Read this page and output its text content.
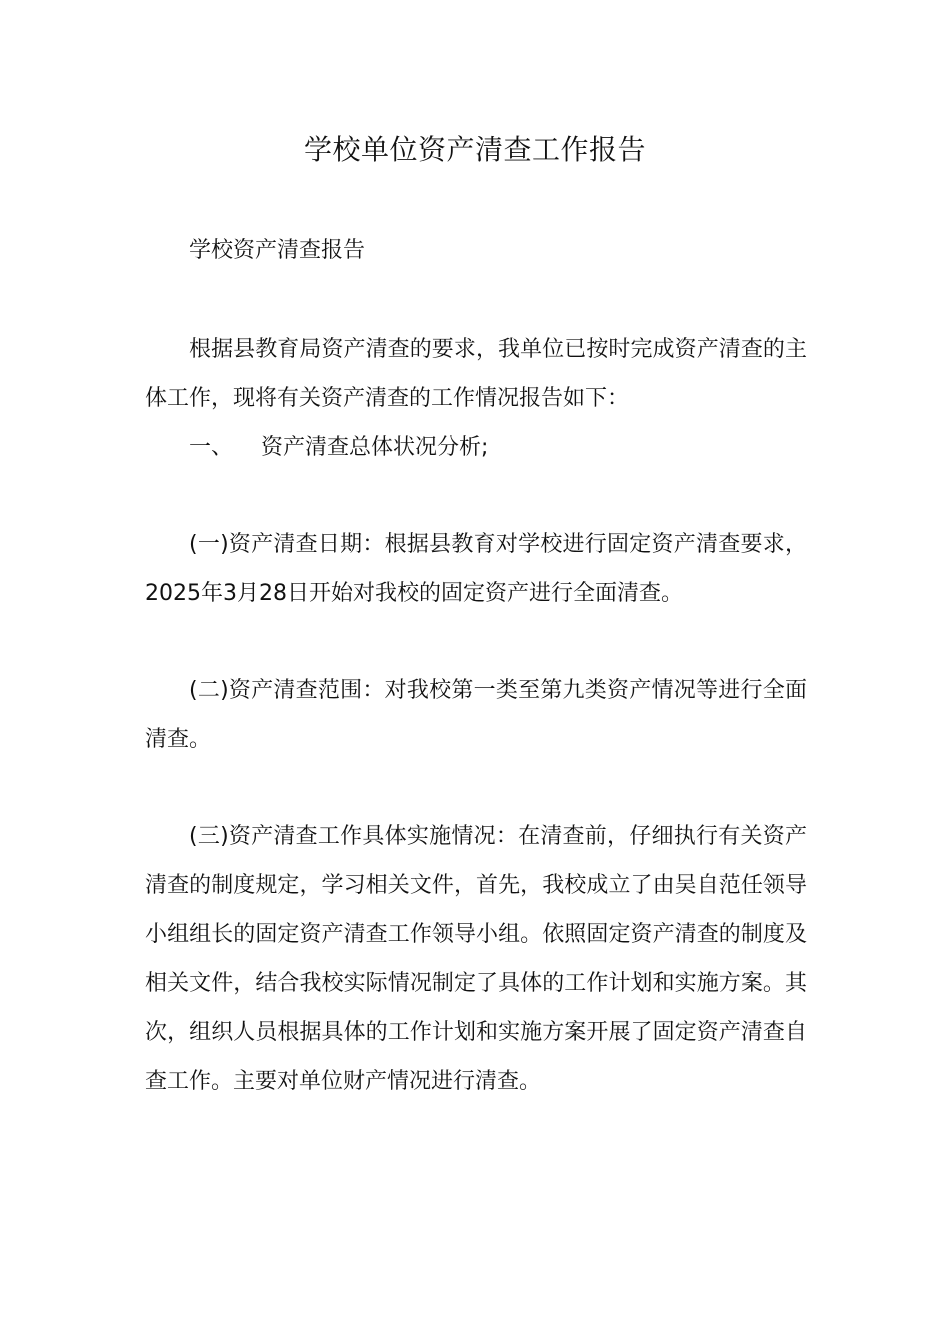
学校单位资产清查工作报告

学校资产清查报告

根据县教育局资产清查的要求，我单位已按时完成资产清查的主体工作，现将有关资产清查的工作情况报告如下：

一、 资产清查总体状况分析;

(一)资产清查日期：根据县教育对学校进行固定资产清查要求，2025年3月28日开始对我校的固定资产进行全面清查。

(二)资产清查范围：对我校第一类至第九类资产情况等进行全面清查。

(三)资产清查工作具体实施情况：在清查前，仔细执行有关资产清查的制度规定，学习相关文件，首先，我校成立了由吴自范任领导小组组长的固定资产清查工作领导小组。依照固定资产清查的制度及相关文件，结合我校实际情况制定了具体的工作计划和实施方案。其次，组织人员根据具体的工作计划和实施方案开展了固定资产清查自查工作。主要对单位财产情况进行清查。
